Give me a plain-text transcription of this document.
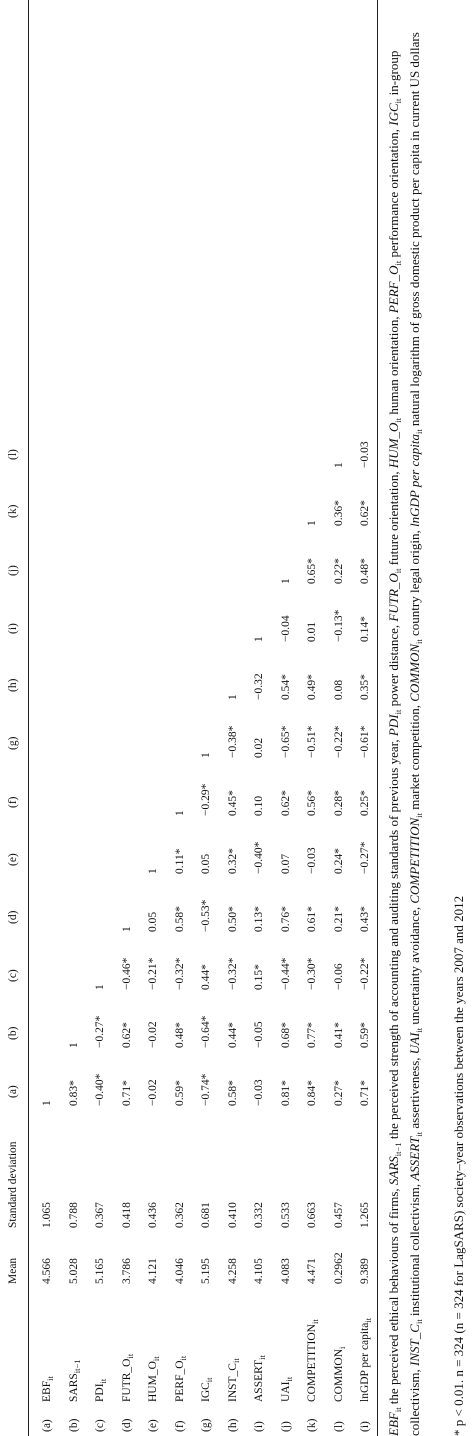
Mean
Standard deviation
(a)
(b)
(c)
(d)
(e)
(f)
(g)
(h)
(i)
(j)
(k)
(l)
(a)
$EBF_{it}$
4.566
1.065
1
(b)
$SARS_{it-1}$
5.028
0.788
0.83*
1
(c)
$PDI_{it}$
5.165
0.367
−0.40*
−0.27*
1
(d)
$FUTR\_O_{it}$
3.786
0.418
0.71*
0.62*
−0.46*
1
(e)
$HUM\_O_{it}$
4.121
0.436
−0.02
−0.02
−0.21*
0.05
1
(f)
$PERF\_O_{it}$
4.046
0.362
0.59*
0.48*
−0.32*
0.58*
0.11*
1
(g)
$IGC_{it}$
5.195
0.681
−0.74*
−0.64*
0.44*
−0.53*
0.05
−0.29*
1
(h)
$INST\_C_{it}$
4.258
0.410
0.58*
0.44*
−0.32*
0.50*
0.32*
0.45*
−0.38*
1
(i)
$ASSERT_{it}$
4.105
0.332
−0.03
−0.05
0.15*
0.13*
−0.40*
0.10
0.02
−0.32
1
(j)
$UAI_{it}$
4.083
0.533
0.81*
0.68*
−0.44*
0.76*
0.07
0.62*
−0.65*
0.54*
−0.04
1
(k)
$COMPETITION_{it}$
4.471
0.663
0.84*
0.77*
−0.30*
0.61*
−0.03
0.56*
−0.51*
0.49*
0.01
0.65*
1
(l)
$COMMON_i$
0.2962
0.457
0.27*
0.41*
−0.06
0.21*
0.24*
0.28*
−0.22*
0.08
−0.13*
0.22*
0.36*
1
(i)
lnGDP per capita$_{it}$
9.389
1.265
0.71*
0.59*
−0.22*
0.43*
−0.27*
0.25*
−0.61*
0.35*
0.14*
0.48*
0.62*
−0.03
$EBF_{it}$ the perceived ethical behaviours of firms, $SARS_{it-1}$ the perceived strength of accounting and auditing standards of previous year, $PDI_{it}$ power distance, $FUTR\_O_{it}$ future orientation, $HUM\_O_{it}$ human orientation, $PERF\_O_{it}$ performance orientation, $IGC_{it}$ in-group collectivism, $INST\_C_{it}$ institutional collectivism, $ASSERT_{it}$ assertiveness, $UAI_{it}$ uncertainty avoidance, $COMPETITION_{it}$ market competition, $COMMON_{it}$ country legal origin, lnGDP per capita$_{it}$ natural logarithm of gross domestic product per capita in current US dollars
* p < 0.01. n = 324 (n = 324 for LagSARS) society–year observations between the years 2007 and 2012
